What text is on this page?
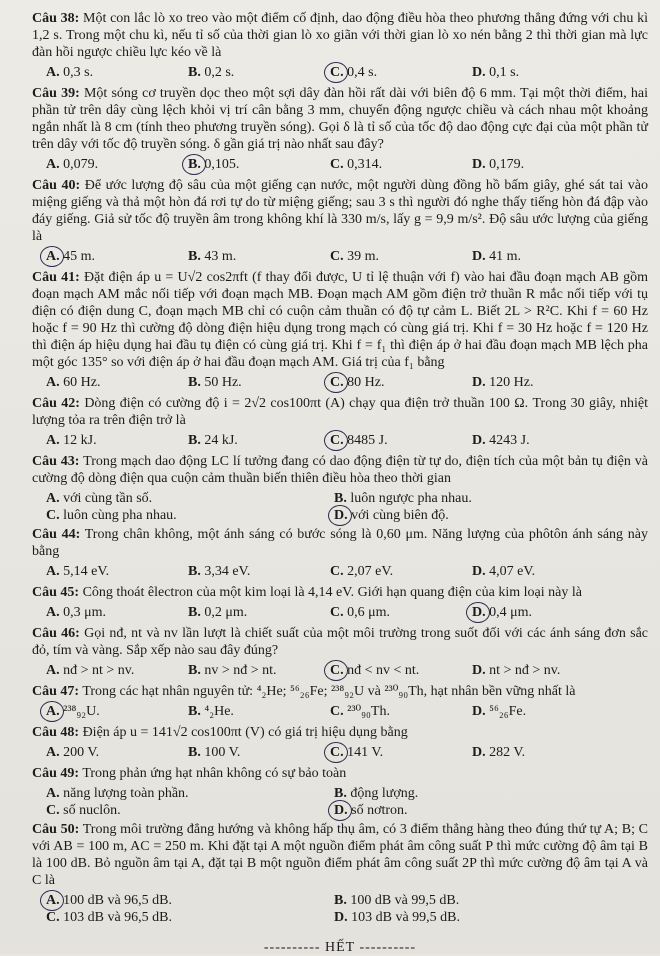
Câu 38: Một con lắc lò xo treo vào một điểm cố định, dao động điều hòa theo phương thẳng đứng với chu kì 1,2 s. Trong một chu kì, nếu tỉ số của thời gian lò xo giãn với thời gian lò xo nén bằng 2 thì thời gian mà lực đàn hồi ngược chiều lực kéo về là
A. 0,3 s.	B. 0,2 s.	C. 0,4 s.	D. 0,1 s.
Câu 39: Một sóng cơ truyền dọc theo một sợi dây đàn hồi rất dài với biên độ 6 mm. Tại một thời điểm, hai phần tử trên dây cùng lệch khỏi vị trí cân bằng 3 mm, chuyển động ngược chiều và cách nhau một khoảng ngắn nhất là 8 cm (tính theo phương truyền sóng). Gọi δ là tỉ số của tốc độ dao động cực đại của một phần tử trên dây với tốc độ truyền sóng. δ gần giá trị nào nhất sau đây?
A. 0,079.	B. 0,105.	C. 0,314.	D. 0,179.
Câu 40: Để ước lượng độ sâu của một giếng cạn nước, một người dùng đồng hồ bấm giây, ghé sát tai vào miệng giếng và thả một hòn đá rơi tự do từ miệng giếng; sau 3 s thì người đó nghe thấy tiếng hòn đá đập vào đáy giếng. Giả sử tốc độ truyền âm trong không khí là 330 m/s, lấy g = 9,9 m/s². Độ sâu ước lượng của giếng là
A. 45 m.	B. 43 m.	C. 39 m.	D. 41 m.
Câu 41: Đặt điện áp u = U√2 cos2πft (f thay đổi được, U tỉ lệ thuận với f) vào hai đầu đoạn mạch AB gồm đoạn mạch AM mắc nối tiếp với đoạn mạch MB. Đoạn mạch AM gồm điện trở thuần R mắc nối tiếp với tụ điện có điện dung C, đoạn mạch MB chỉ có cuộn cảm thuần có độ tự cảm L. Biết 2L > R²C. Khi f = 60 Hz hoặc f = 90 Hz thì cường độ dòng điện hiệu dụng trong mạch có cùng giá trị. Khi f = 30 Hz hoặc f = 120 Hz thì điện áp hiệu dụng hai đầu tụ điện có cùng giá trị. Khi f = f₁ thì điện áp ở hai đầu đoạn mạch MB lệch pha một góc 135° so với điện áp ở hai đầu đoạn mạch AM. Giá trị của f₁ bằng
A. 60 Hz.	B. 50 Hz.	C. 80 Hz.	D. 120 Hz.
Câu 42: Dòng điện có cường độ i = 2√2 cos100πt (A) chạy qua điện trở thuần 100 Ω. Trong 30 giây, nhiệt lượng tỏa ra trên điện trở là
A. 12 kJ.	B. 24 kJ.	C. 8485 J.	D. 4243 J.
Câu 43: Trong mạch dao động LC lí tưởng đang có dao động điện từ tự do, điện tích của một bản tụ điện và cường độ dòng điện qua cuộn cảm thuần biến thiên điều hòa theo thời gian
A. với cùng tần số.	B. luôn ngược pha nhau.
C. luôn cùng pha nhau.	D. với cùng biên độ.
Câu 44: Trong chân không, một ánh sáng có bước sóng là 0,60 μm. Năng lượng của phôtôn ánh sáng này bằng
A. 5,14 eV.	B. 3,34 eV.	C. 2,07 eV.	D. 4,07 eV.
Câu 45: Công thoát êlectron của một kim loại là 4,14 eV. Giới hạn quang điện của kim loại này là
A. 0,3 μm.	B. 0,2 μm.	C. 0,6 μm.	D. 0,4 μm.
Câu 46: Gọi nđ, nt và nv lần lượt là chiết suất của một môi trường trong suốt đối với các ánh sáng đơn sắc đỏ, tím và vàng. Sắp xếp nào sau đây đúng?
A. nđ > nt > nv.	B. nv > nđ > nt.	C. nđ < nv < nt.	D. nt > nđ > nv.
Câu 47: Trong các hạt nhân nguyên tử: ⁴₂He; ⁵⁶₂₆Fe; ²³⁸₉₂U và ²³⁰₉₀Th, hạt nhân bền vững nhất là
A. ²³⁸₉₂U.	B. ⁴₂He.	C. ²³⁰₉₀Th.	D. ⁵⁶₂₆Fe.
Câu 48: Điện áp u = 141√2 cos100πt (V) có giá trị hiệu dụng bằng
A. 200 V.	B. 100 V.	C. 141 V.	D. 282 V.
Câu 49: Trong phản ứng hạt nhân không có sự bảo toàn
A. năng lượng toàn phần.	B. động lượng.
C. số nuclôn.	D. số nơtron.
Câu 50: Trong môi trường đẳng hướng và không hấp thụ âm, có 3 điểm thẳng hàng theo đúng thứ tự A; B; C với AB = 100 m, AC = 250 m. Khi đặt tại A một nguồn điểm phát âm công suất P thì mức cường độ âm tại B là 100 dB. Bỏ nguồn âm tại A, đặt tại B một nguồn điểm phát âm công suất 2P thì mức cường độ âm tại A và C là
A. 100 dB và 96,5 dB.	B. 100 dB và 99,5 dB.
C. 103 dB và 96,5 dB.	D. 103 dB và 99,5 dB.
---------- HẾT ----------
